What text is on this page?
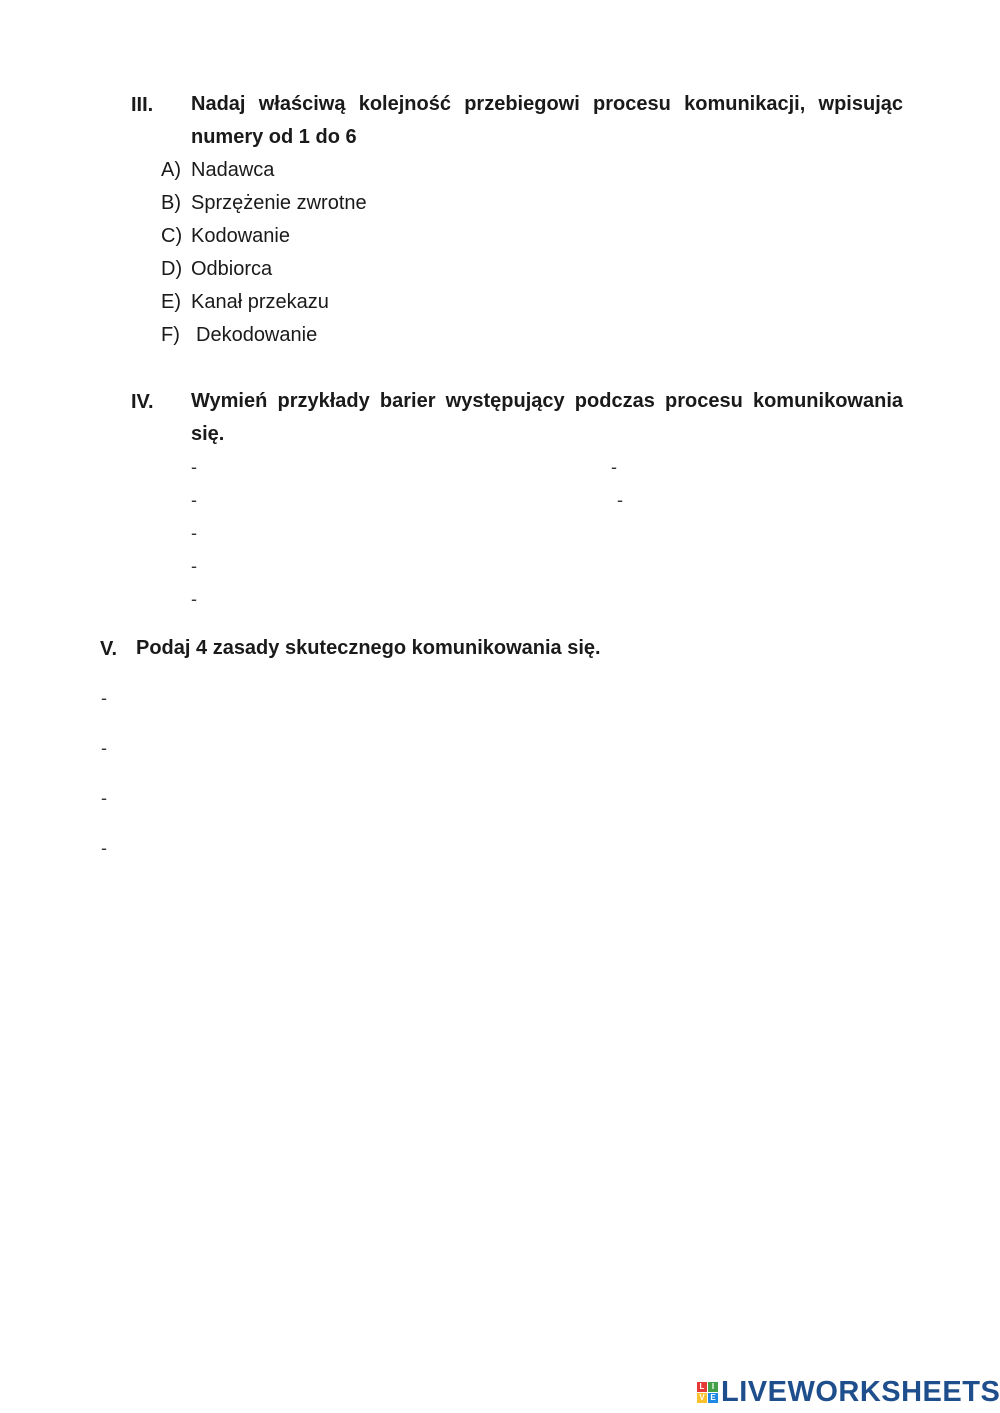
III. Nadaj właściwą kolejność przebiegowi procesu komunikacji, wpisując
numery od 1 do 6
A) Nadawca
B) Sprzężenie zwrotne
C) Kodowanie
D) Odbiorca
E) Kanał przekazu
F) Dekodowanie
IV. Wymień przykłady barier występujący podczas procesu komunikowania
się.
-	-
-	-
-
-
-
V. Podaj 4 zasady skutecznego komunikowania się.
-
-
-
-
L I
V E LIVEWORKSHEETS
